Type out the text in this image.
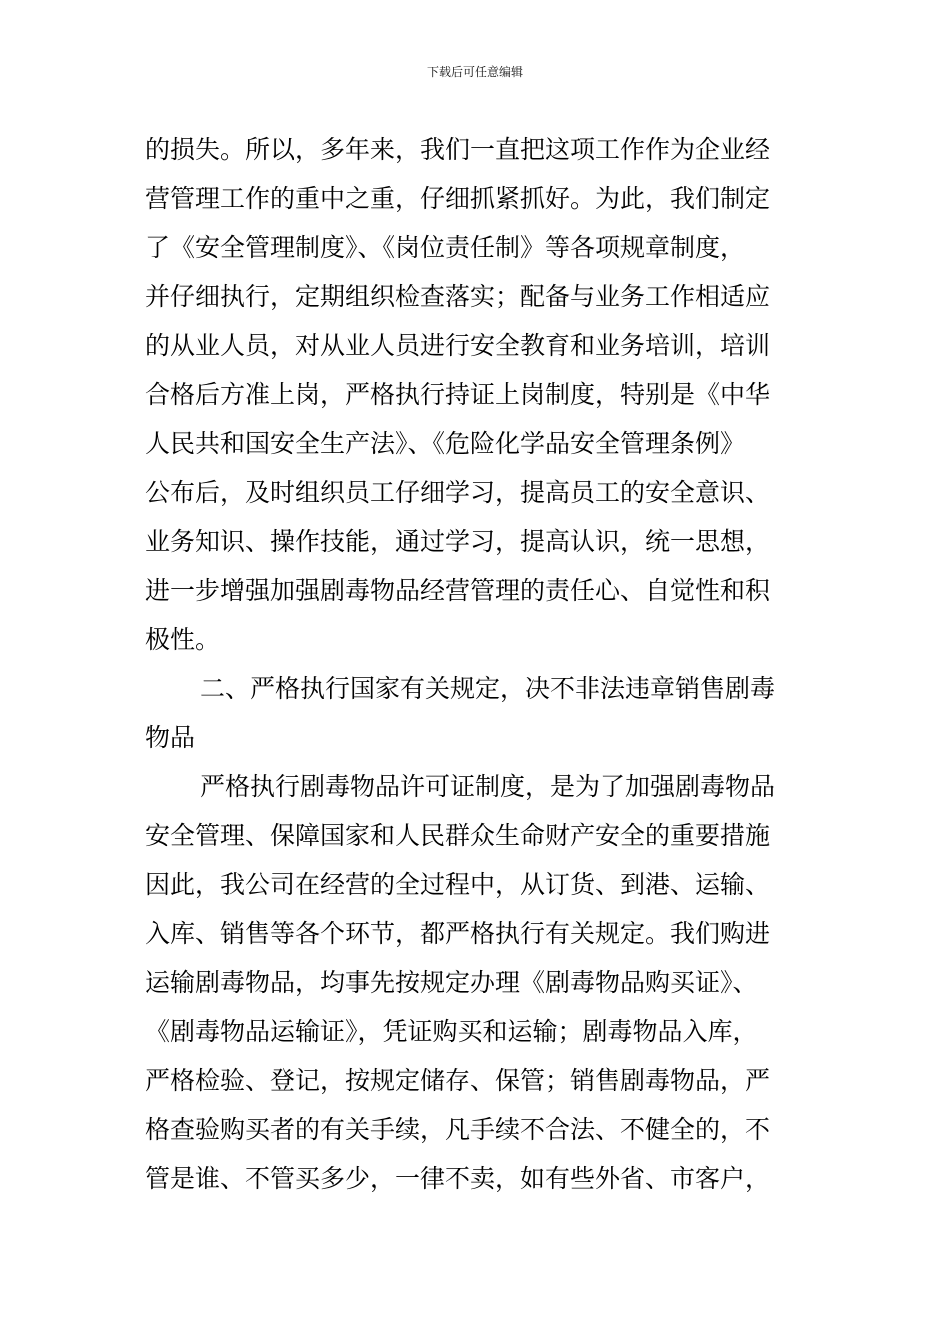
下载后可任意编辑
的损失。所以，多年来，我们一直把这项工作作为企业经
营管理工作的重中之重，仔细抓紧抓好。为此，我们制定
了《安全管理制度》、《岗位责任制》等各项规章制度，
并仔细执行，定期组织检查落实；配备与业务工作相适应
的从业人员，对从业人员进行安全教育和业务培训，培训
合格后方准上岗，严格执行持证上岗制度，特别是《中华
人民共和国安全生产法》、《危险化学品安全管理条例》
公布后，及时组织员工仔细学习，提高员工的安全意识、
业务知识、操作技能，通过学习，提高认识，统一思想，
进一步增强加强剧毒物品经营管理的责任心、自觉性和积
极性。
二、严格执行国家有关规定，决不非法违章销售剧毒
物品
严格执行剧毒物品许可证制度，是为了加强剧毒物品
安全管理、保障国家和人民群众生命财产安全的重要措施
因此，我公司在经营的全过程中，从订货、到港、运输、
入库、销售等各个环节，都严格执行有关规定。我们购进
运输剧毒物品，均事先按规定办理《剧毒物品购买证》、
《剧毒物品运输证》，凭证购买和运输；剧毒物品入库，
严格检验、登记，按规定储存、保管；销售剧毒物品，严
格查验购买者的有关手续，凡手续不合法、不健全的，不
管是谁、不管买多少，一律不卖，如有些外省、市客户，
